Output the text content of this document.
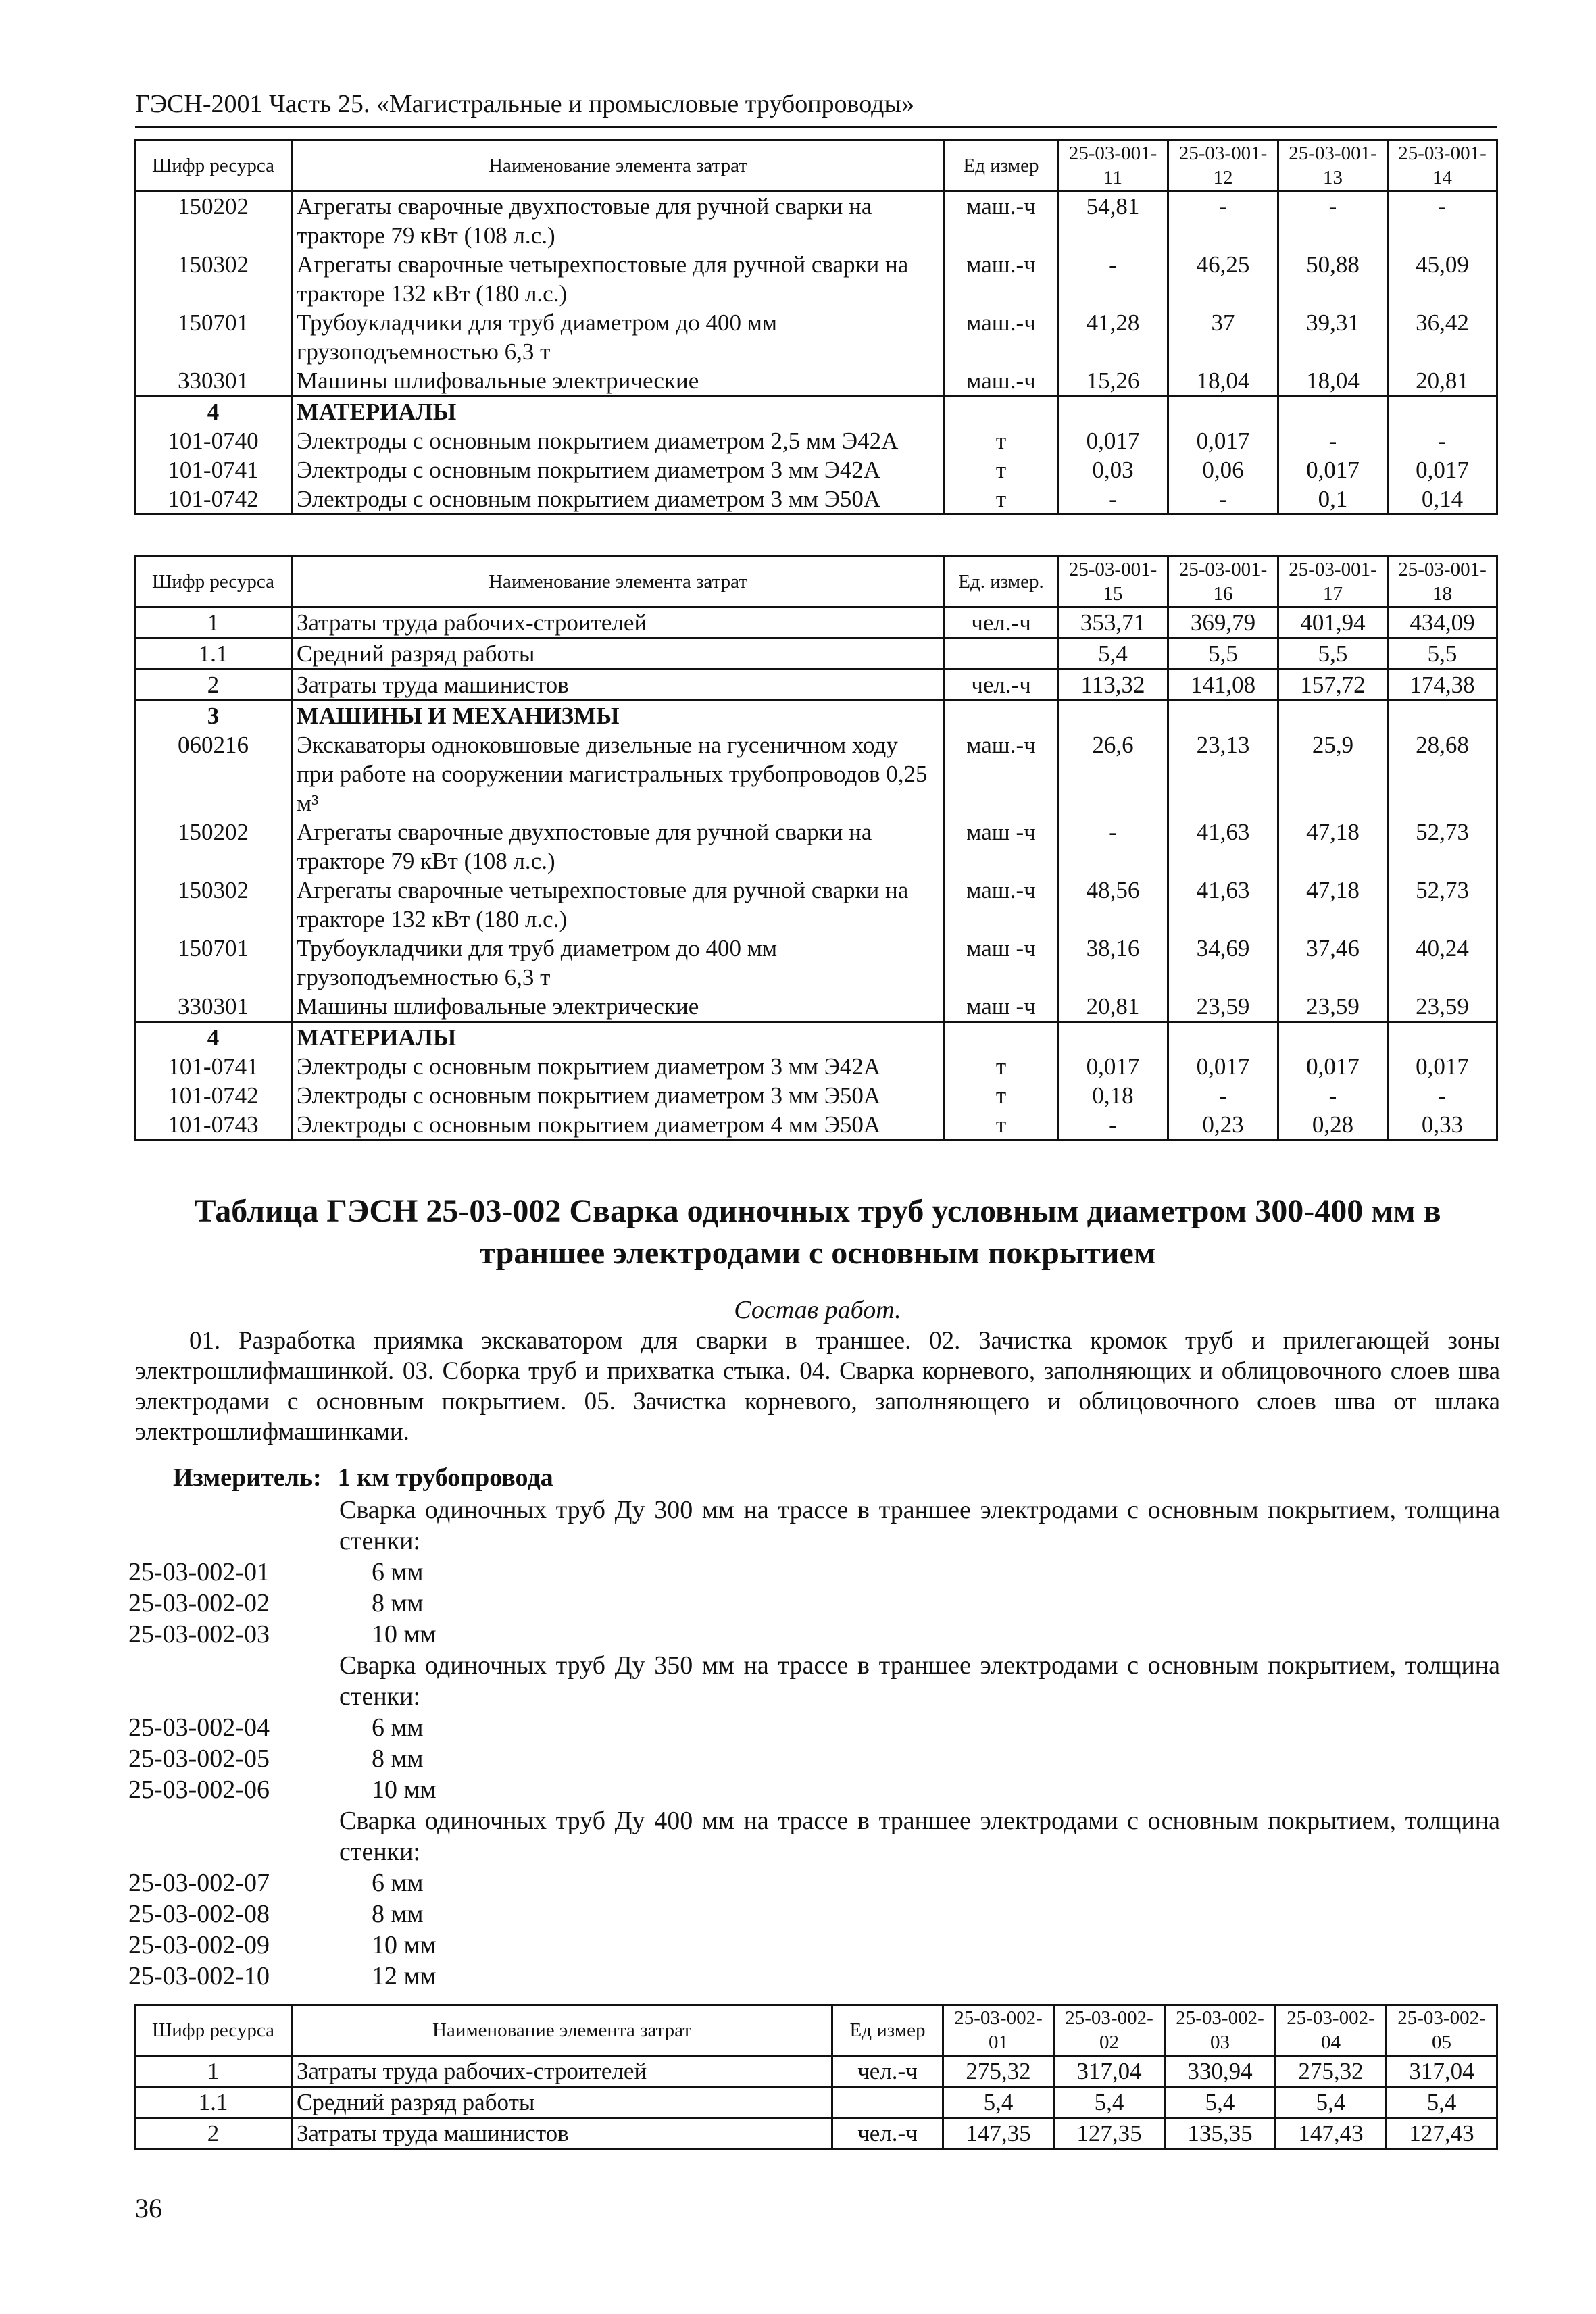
ГЭСН-2001 Часть 25. «Магистральные и промысловые трубопроводы»
Шифр ресурса	Наименование элемента затрат	Ед измер	25-03-001-11	25-03-001-12	25-03-001-13	25-03-001-14
150202	Агрегаты сварочные двухпостовые для ручной сварки на тракторе 79 кВт (108 л.с.)	маш.-ч	54,81	-	-	-
150302	Агрегаты сварочные четырехпостовые для ручной сварки на тракторе 132 кВт (180 л.с.)	маш.-ч	-	46,25	50,88	45,09
150701	Трубоукладчики для труб диаметром до 400 мм грузоподъемностью 6,3 т	маш.-ч	41,28	37	39,31	36,42
330301	Машины шлифовальные электрические	маш.-ч	15,26	18,04	18,04	20,81
4	МАТЕРИАЛЫ					
101-0740	Электроды с основным покрытием диаметром 2,5 мм Э42А	т	0,017	0,017	-	-
101-0741	Электроды с основным покрытием диаметром 3 мм Э42А	т	0,03	0,06	0,017	0,017
101-0742	Электроды с основным покрытием диаметром 3 мм Э50А	т	-	-	0,1	0,14
Шифр ресурса	Наименование элемента затрат	Ед. измер.	25-03-001-15	25-03-001-16	25-03-001-17	25-03-001-18
1	Затраты труда рабочих-строителей	чел.-ч	353,71	369,79	401,94	434,09
1.1	Средний разряд работы		5,4	5,5	5,5	5,5
2	Затраты труда машинистов	чел.-ч	113,32	141,08	157,72	174,38
3	МАШИНЫ И МЕХАНИЗМЫ					
060216	Экскаваторы одноковшовые дизельные на гусеничном ходу при работе на сооружении магистральных трубопроводов 0,25 м³	маш.-ч	26,6	23,13	25,9	28,68
150202	Агрегаты сварочные двухпостовые для ручной сварки на тракторе 79 кВт (108 л.с.)	маш -ч	-	41,63	47,18	52,73
150302	Агрегаты сварочные четырехпостовые для ручной сварки на тракторе 132 кВт (180 л.с.)	маш.-ч	48,56	41,63	47,18	52,73
150701	Трубоукладчики для труб диаметром до 400 мм грузоподъемностью 6,3 т	маш -ч	38,16	34,69	37,46	40,24
330301	Машины шлифовальные электрические	маш -ч	20,81	23,59	23,59	23,59
4	МАТЕРИАЛЫ					
101-0741	Электроды с основным покрытием диаметром 3 мм Э42А	т	0,017	0,017	0,017	0,017
101-0742	Электроды с основным покрытием диаметром 3 мм Э50А	т	0,18	-	-	-
101-0743	Электроды с основным покрытием диаметром 4 мм Э50А	т	-	0,23	0,28	0,33
Таблица ГЭСН 25-03-002 Сварка одиночных труб условным диаметром 300-400 мм в траншее электродами с основным покрытием
Состав работ.
01. Разработка приямка экскаватором для сварки в траншее. 02. Зачистка кромок труб и прилегающей зоны электрошлифмашинкой. 03. Сборка труб и прихватка стыка. 04. Сварка корневого, заполняющих и облицовочного слоев шва электродами с основным покрытием. 05. Зачистка корневого, заполняющего и облицовочного слоев шва от шлака электрошлифмашинками.
Измеритель: 1 км трубопровода
Сварка одиночных труб Ду 300 мм на трассе в траншее электродами с основным покрытием, толщина стенки:
25-03-002-01	6 мм
25-03-002-02	8 мм
25-03-002-03	10 мм
Сварка одиночных труб Ду 350 мм на трассе в траншее электродами с основным покрытием, толщина стенки:
25-03-002-04	6 мм
25-03-002-05	8 мм
25-03-002-06	10 мм
Сварка одиночных труб Ду 400 мм на трассе в траншее электродами с основным покрытием, толщина стенки:
25-03-002-07	6 мм
25-03-002-08	8 мм
25-03-002-09	10 мм
25-03-002-10	12 мм
Шифр ресурса	Наименование элемента затрат	Ед измер	25-03-002-01	25-03-002-02	25-03-002-03	25-03-002-04	25-03-002-05
1	Затраты труда рабочих-строителей	чел.-ч	275,32	317,04	330,94	275,32	317,04
1.1	Средний разряд работы		5,4	5,4	5,4	5,4	5,4
2	Затраты труда машинистов	чел.-ч	147,35	127,35	135,35	147,43	127,43
36
